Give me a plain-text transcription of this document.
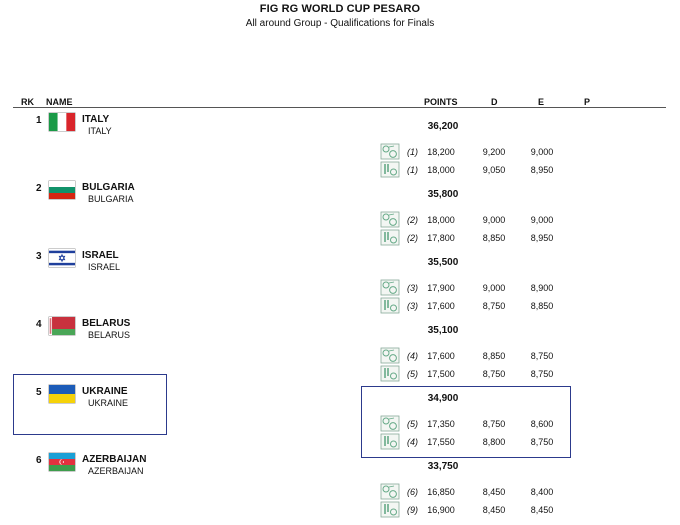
FIG RG WORLD CUP PESARO
All around Group - Qualifications for Finals
RK NAME	POINTS	D	E	P
1	ITALY
ITALY	36,200
(1)	18,200	9,200	9,000
(1)	18,000	9,050	8,950
2	BULGARIA
BULGARIA	35,800
(2)	18,000	9,000	9,000
(2)	17,800	8,850	8,950
3	ISRAEL
ISRAEL	35,500
(3)	17,900	9,000	8,900
(3)	17,600	8,750	8,850
4	BELARUS
BELARUS	35,100
(4)	17,600	8,850	8,750
(5)	17,500	8,750	8,750
5	UKRAINE
UKRAINE	34,900
(5)	17,350	8,750	8,600
(4)	17,550	8,800	8,750
6	AZERBAIJAN
AZERBAIJAN	33,750
(6)	16,850	8,450	8,400
(9)	16,900	8,450	8,450
